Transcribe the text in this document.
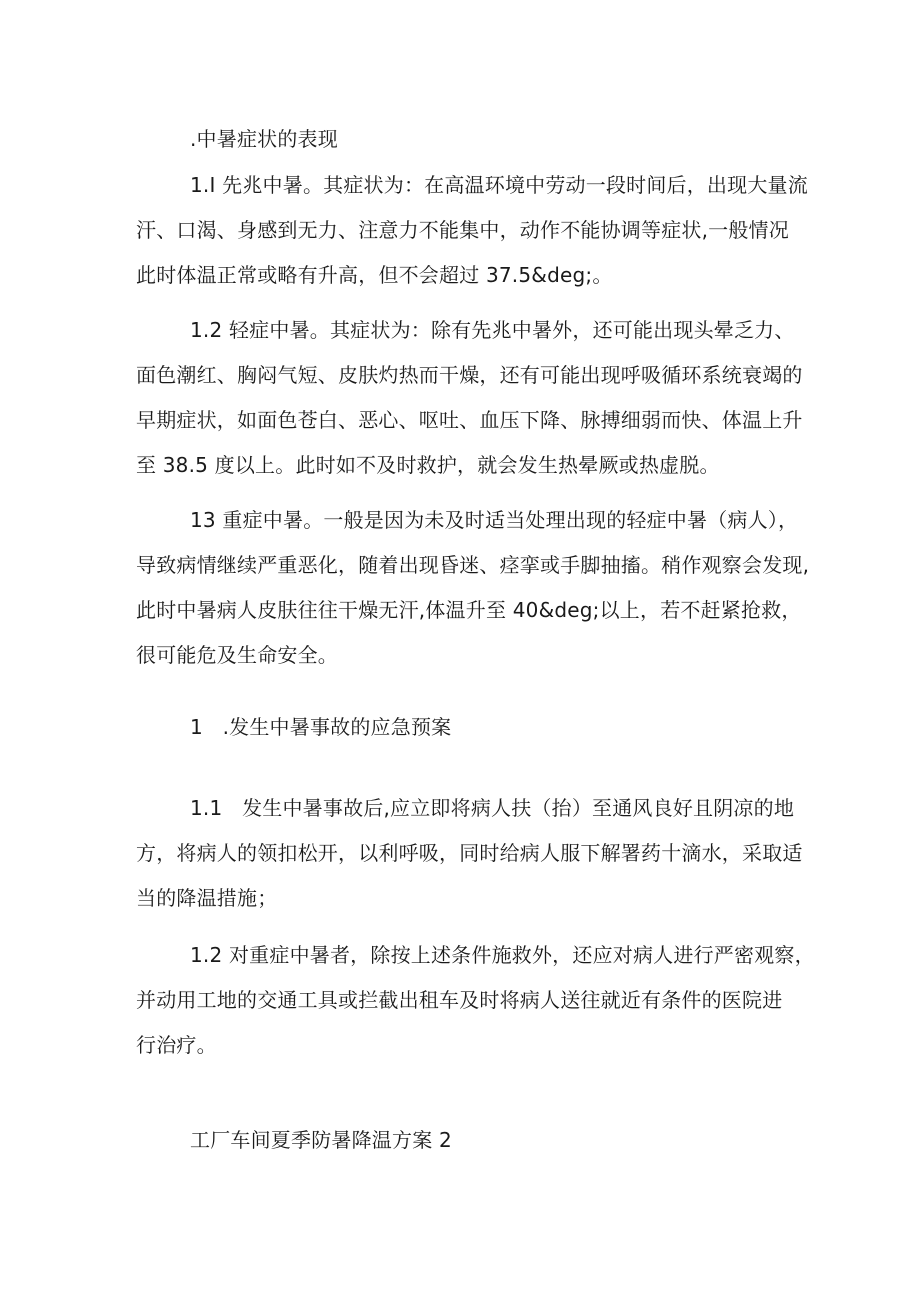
.中暑症状的表现
1.I 先兆中暑。其症状为：在高温环境中劳动一段时间后，出现大量流
汗、口渴、身感到无力、注意力不能集中，动作不能协调等症状,一般情况
此时体温正常或略有升高，但不会超过 37.5&deg;。
1.2 轻症中暑。其症状为：除有先兆中暑外，还可能出现头晕乏力、
面色潮红、胸闷气短、皮肤灼热而干燥，还有可能出现呼吸循环系统衰竭的
早期症状，如面色苍白、恶心、呕吐、血压下降、脉搏细弱而快、体温上升
至 38.5 度以上。此时如不及时救护，就会发生热晕厥或热虚脱。
13 重症中暑。一般是因为未及时适当处理出现的轻症中暑（病人），
导致病情继续严重恶化，随着出现昏迷、痉挛或手脚抽搐。稍作观察会发现,
此时中暑病人皮肤往往干燥无汗,体温升至 40&deg;以上，若不赶紧抢救，
很可能危及生命安全。
1   .发生中暑事故的应急预案
1.1   发生中暑事故后,应立即将病人扶（抬）至通风良好且阴凉的地
方，将病人的领扣松开，以利呼吸，同时给病人服下解署药十滴水，采取适
当的降温措施；
1.2 对重症中暑者，除按上述条件施救外，还应对病人进行严密观察，
并动用工地的交通工具或拦截出租车及时将病人送往就近有条件的医院进
行治疗。
工厂车间夏季防暑降温方案 2
